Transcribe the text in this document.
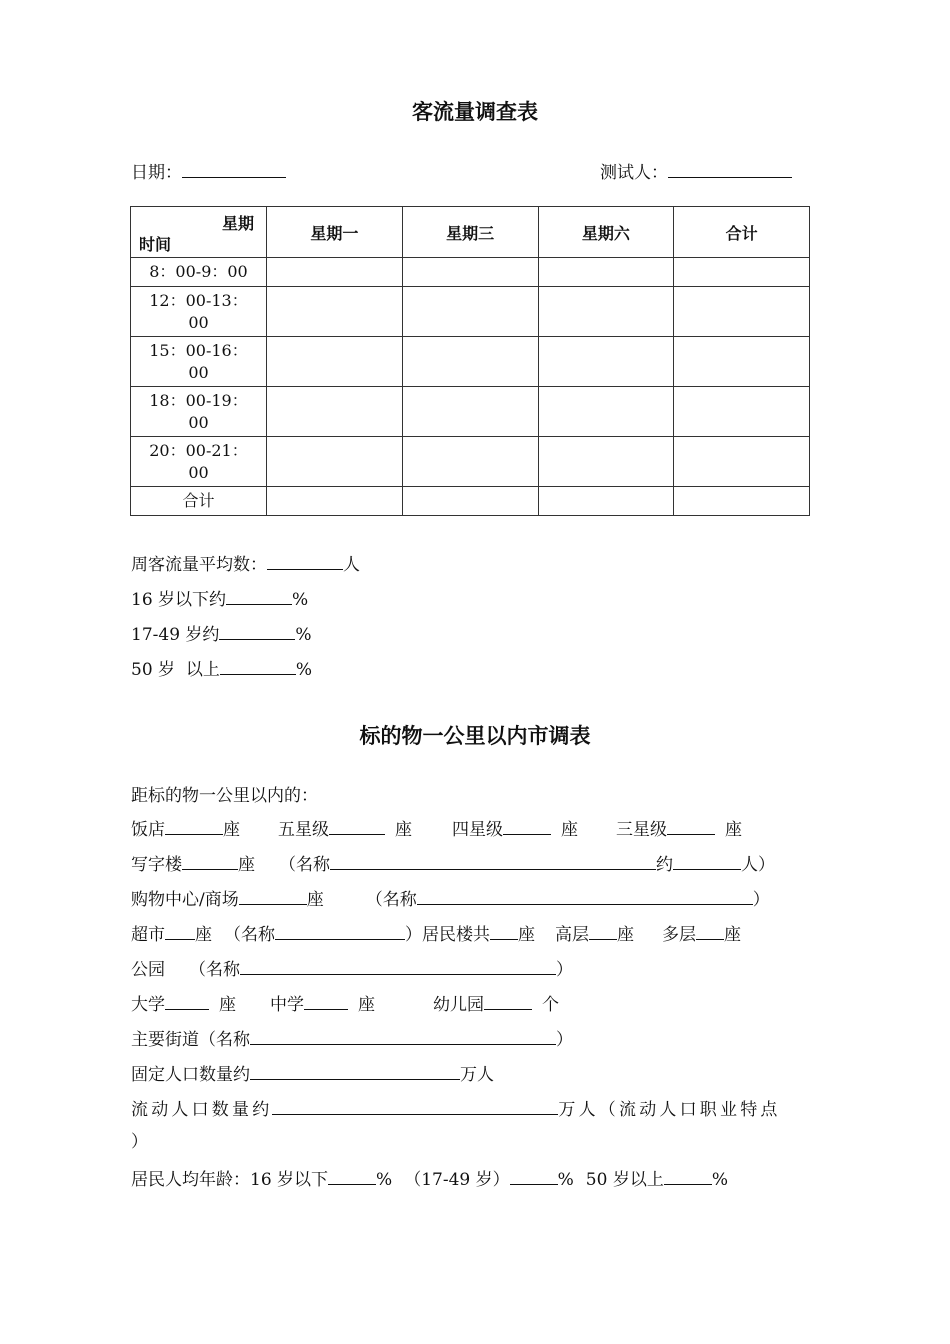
客流量调查表
日期：	测试人：
星期
时间	星期一	星期三	星期六	合计
8：00-9：00				

12：00-13：
00				

15：00-16：
00				

18：00-19：
00				

20：00-21：
00				

合计				
周客流量平均数：	人
16 岁以下约	%
17-49 岁约	%
50 岁  以上	%
标的物一公里以内市调表
距标的物一公里以内的：
饭店	座 五星级	座 四星级	座 三星级	座
写字楼	座 （名称	约	人）
购物中心/商场	座 （名称	）
超市 座 （名称	）居民楼共 座 高层 座 多层 座
公园 （名称	）
大学	座 中学	座	幼儿园	个
主要街道（名称	）
固定人口数量约	万人
流动人口数量约	万人（流动人口职业特点
）
居民人均年龄：16 岁以下	% （17-49 岁）	% 50 岁以上	%
